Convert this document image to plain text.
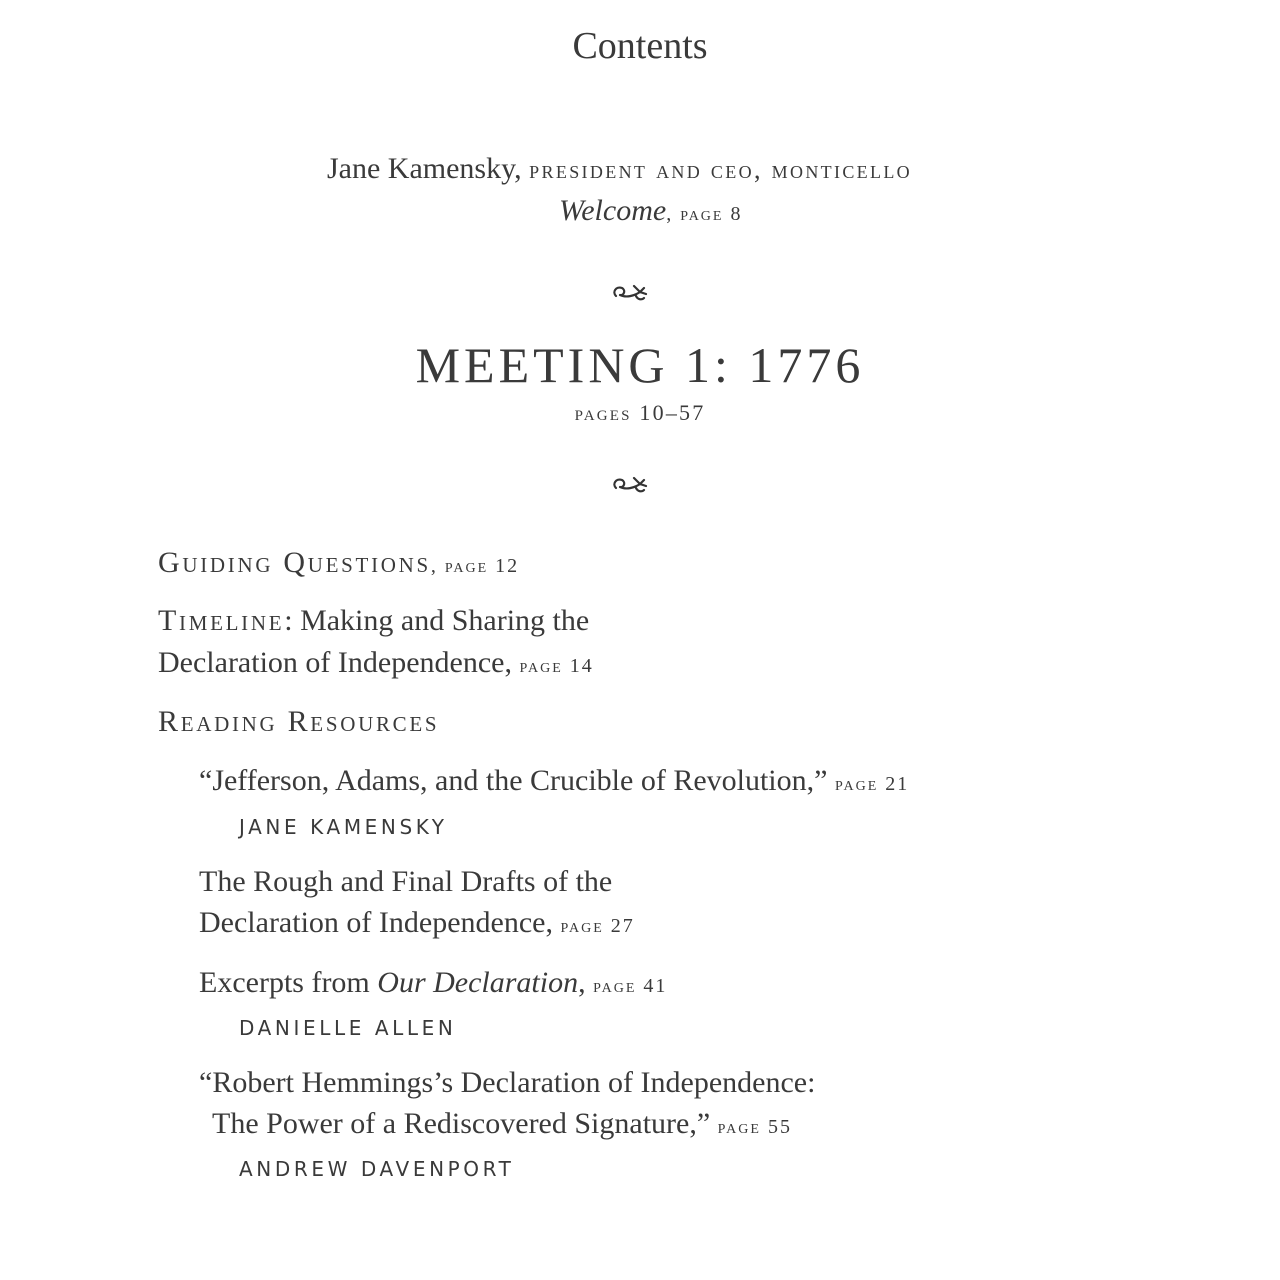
Contents
Jane Kamensky, president and ceo, monticello
Welcome, page 8
MEETING 1: 1776
pages 10–57
Guiding Questions, page 12
Timeline: Making and Sharing the
Declaration of Independence, page 14
Reading Resources
“Jefferson, Adams, and the Crucible of Revolution,” page 21
JANE KAMENSKY
The Rough and Final Drafts of the
Declaration of Independence, page 27
Excerpts from Our Declaration, page 41
DANIELLE ALLEN
“Robert Hemmings’s Declaration of Independence:
The Power of a Rediscovered Signature,” page 55
ANDREW DAVENPORT
